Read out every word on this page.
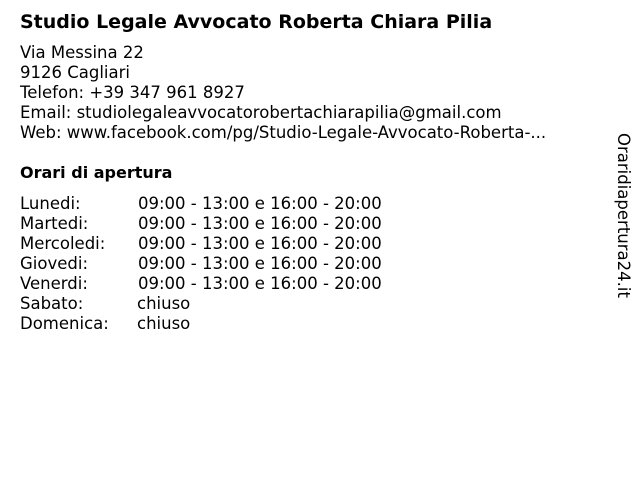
Studio Legale Avvocato Roberta Chiara Pilia
Via Messina 22
9126 Cagliari
Telefon: +39 347 961 8927
Email: studiolegaleavvocatorobertachiarapilia@gmail.com
Web: www.facebook.com/pg/Studio-Legale-Avvocato-Roberta-...
Orari di apertura
Lunedi:	09:00 - 13:00 e 16:00 - 20:00
Martedi:	09:00 - 13:00 e 16:00 - 20:00
Mercoledi: 09:00 - 13:00 e 16:00 - 20:00
Giovedi:	09:00 - 13:00 e 16:00 - 20:00
Venerdi:	09:00 - 13:00 e 16:00 - 20:00
Sabato:	chiuso
Domenica: chiuso
Oraridiapertura24.it
